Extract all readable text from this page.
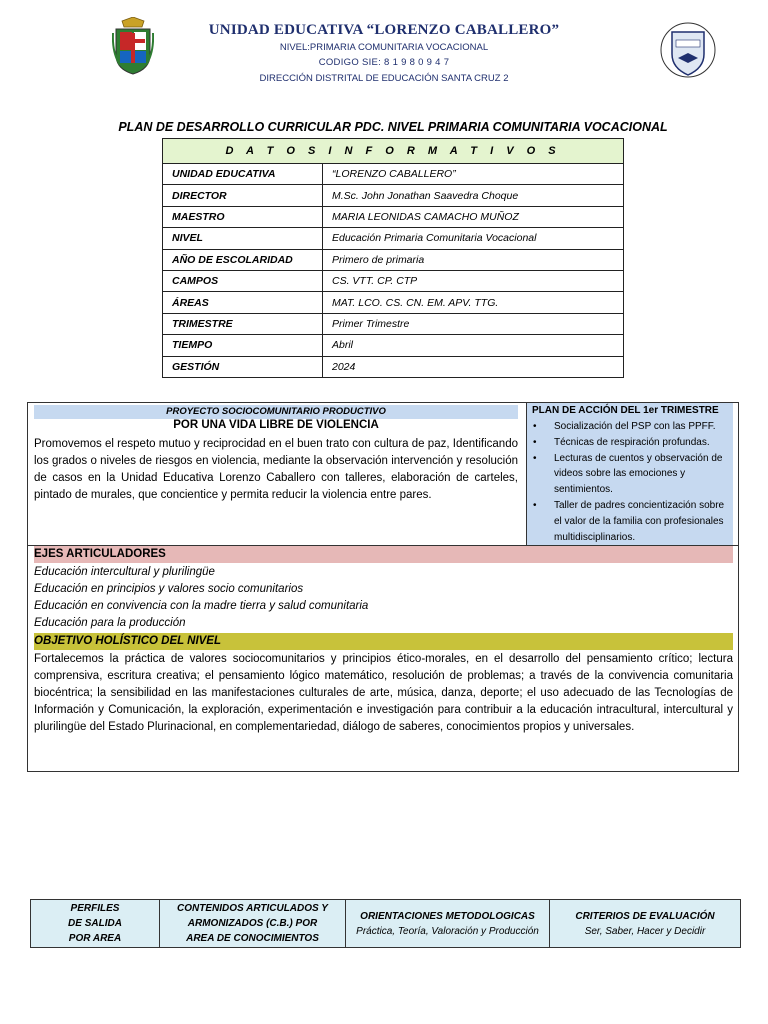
UNIDAD EDUCATIVA “LORENZO CABALLERO”
NIVEL:PRIMARIA COMUNITARIA VOCACIONAL
CODIGO SIE: 8 1 9 8 0 9 4 7
DIRECCIÓN DISTRITAL DE EDUCACIÓN SANTA CRUZ 2
PLAN DE DESARROLLO CURRICULAR PDC. NIVEL PRIMARIA COMUNITARIA VOCACIONAL
D A T O S I N F O R M A T I V O S	
UNIDAD EDUCATIVA	“LORENZO CABALLERO”
DIRECTOR	M.Sc. John Jonathan Saavedra Choque
MAESTRO	MARIA LEONIDAS CAMACHO MUÑOZ
NIVEL	Educación Primaria Comunitaria Vocacional
AÑO DE ESCOLARIDAD	Primero de primaria
CAMPOS	CS. VTT. CP. CTP
ÁREAS	MAT. LCO. CS. CN. EM. APV. TTG.
TRIMESTRE	Primer Trimestre
TIEMPO	Abril
GESTIÓN	2024
PROYECTO SOCIOCOMUNITARIO PRODUCTIVO
POR UNA VIDA LIBRE DE VIOLENCIA
Promovemos el respeto mutuo y reciprocidad en el buen trato con cultura de paz, Identificando los grados o niveles de riesgos en violencia, mediante la observación intervención y resolución de casos en la Unidad Educativa Lorenzo Caballero con talleres, elaboración de carteles, pintado de murales, que concientice y permita reducir la violencia entre pares.
PLAN DE ACCIÓN DEL 1er TRIMESTRE
• Socialización del PSP con las PPFF.
• Técnicas de respiración profundas.
• Lecturas de cuentos y observación de videos sobre las emociones y sentimientos.
• Taller de padres concientización sobre el valor de la familia con profesionales multidisciplinarios.
EJES ARTICULADORES
Educación intercultural y plurilingüe
Educación en principios y valores socio comunitarios
Educación en convivencia con la madre tierra y salud comunitaria
Educación para la producción
OBJETIVO HOLÍSTICO DEL NIVEL
Fortalecemos la práctica de valores sociocomunitarios y principios ético-morales, en el desarrollo del pensamiento crítico; lectura comprensiva, escritura creativa; el pensamiento lógico matemático, resolución de problemas; a través de la convivencia comunitaria biocéntrica; la sensibilidad en las manifestaciones culturales de arte, música, danza, deporte; el uso adecuado de las Tecnologías de Información y Comunicación, la exploración, experimentación e investigación para contribuir a la educación intracultural, intercultural y plurilingüe del Estado Plurinacional, en complementariedad, diálogo de saberes, conocimientos propios y universales.
PERFILES
DE SALIDA
POR AREA

CONTENIDOS ARTICULADOS Y
ARMONIZADOS (C.B.) POR
AREA DE CONOCIMIENTOS

ORIENTACIONES METODOLOGICAS
Práctica, Teoría, Valoración y Producción

CRITERIOS DE EVALUACIÓN
Ser, Saber, Hacer y Decidir
